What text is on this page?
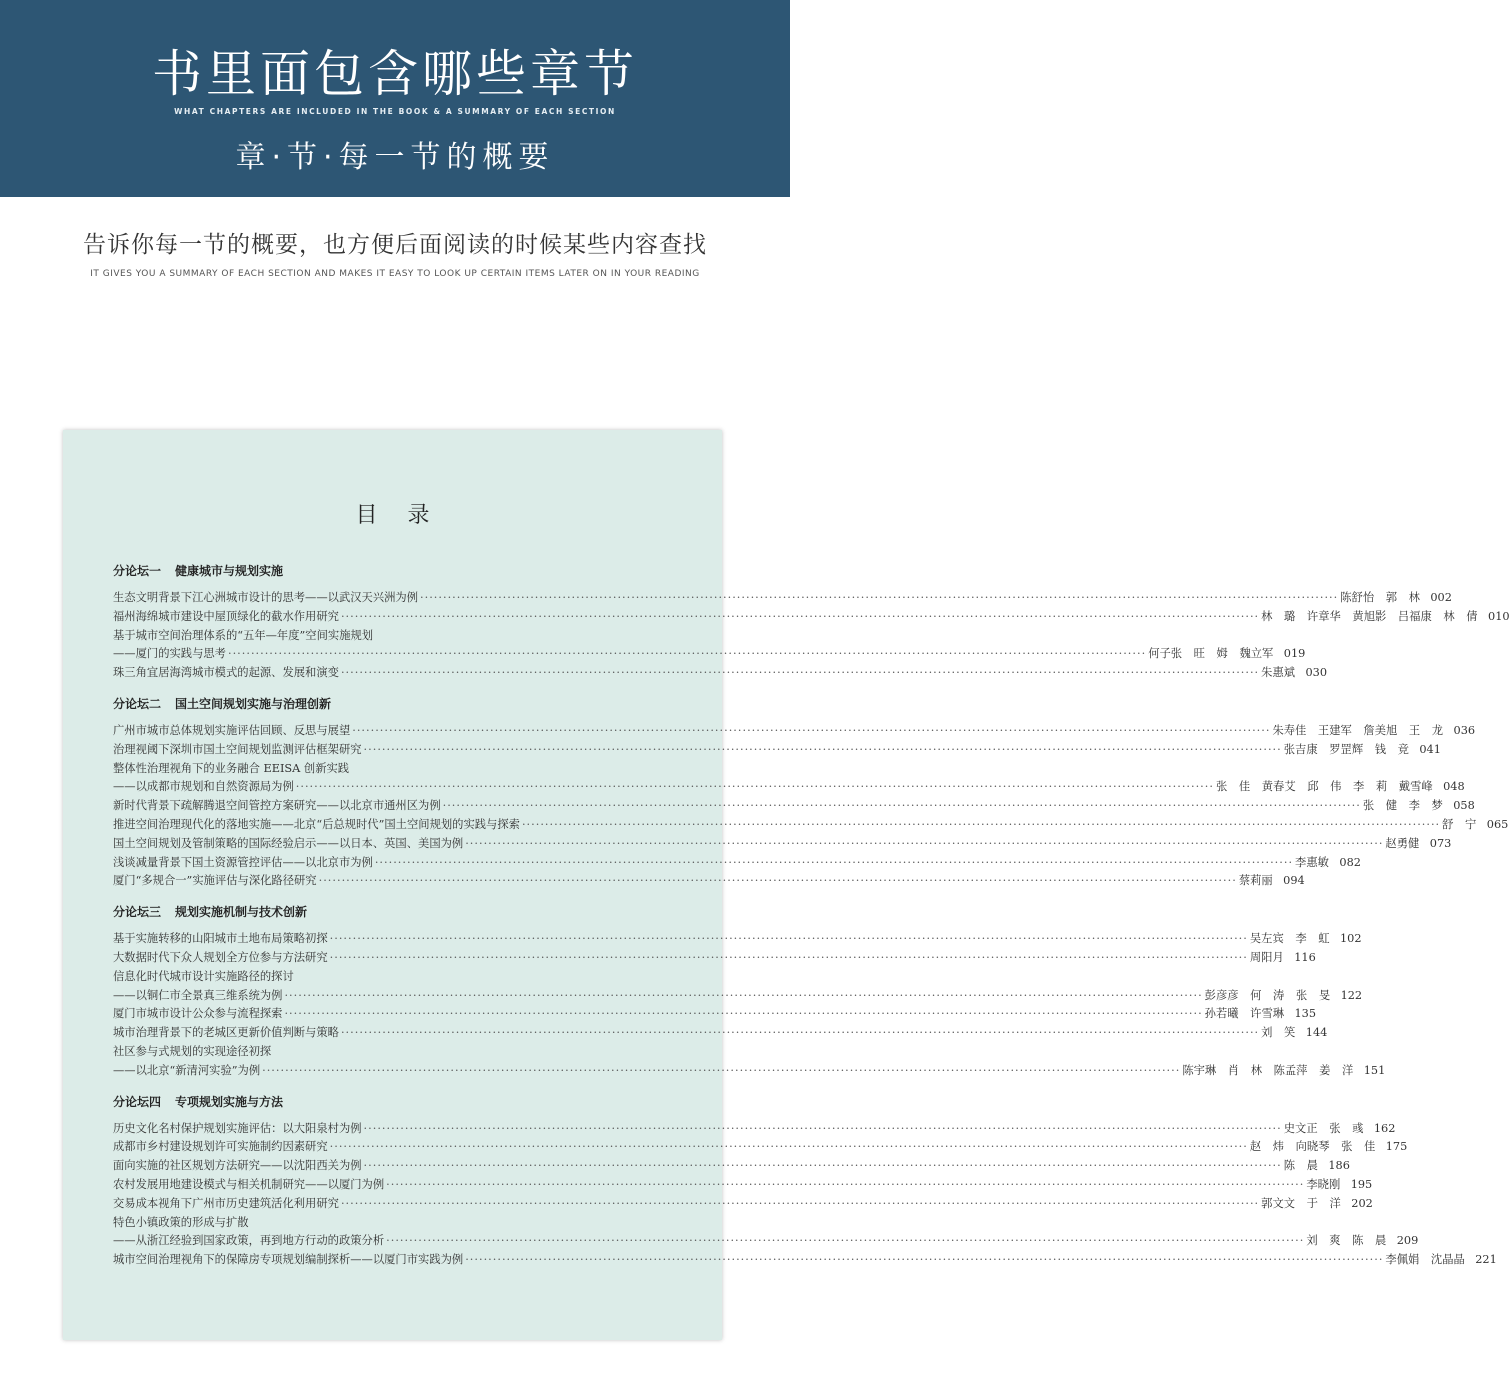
书里面包含哪些章节
WHAT CHAPTERS ARE INCLUDED IN THE BOOK & A SUMMARY OF EACH SECTION
章·节·每一节的概要
告诉你每一节的概要，也方便后面阅读的时候某些内容查找
IT GIVES YOU A SUMMARY OF EACH SECTION AND MAKES IT EASY TO LOOK UP CERTAIN ITEMS LATER ON IN YOUR READING
目录
分论坛一 健康城市与规划实施
生态文明背景下江心洲城市设计的思考——以武汉天兴洲为例 ········································································································································································································ 陈舒怡 郭 林 002
福州海绵城市建设中屋顶绿化的截水作用研究 ········································································································································································································ 林 璐 许章华 黄旭影 吕福康 林 倩 010
基于城市空间治理体系的“五年—年度”空间实施规划
——厦门的实践与思考 ········································································································································································································ 何子张 旺 姆 魏立军 019
珠三角宜居海湾城市模式的起源、发展和演变 ········································································································································································································ 朱惠斌 030
分论坛二 国土空间规划实施与治理创新
广州市城市总体规划实施评估回顾、反思与展望 ········································································································································································································ 朱寿佳 王建军 詹美旭 王 龙 036
治理视阈下深圳市国土空间规划监测评估框架研究 ········································································································································································································ 张吉康 罗罡辉 钱 竞 041
整体性治理视角下的业务融合 EEISA 创新实践
——以成都市规划和自然资源局为例 ········································································································································································································ 张 佳 黄春艾 邱 伟 李 莉 戴雪峰 048
新时代背景下疏解腾退空间管控方案研究——以北京市通州区为例 ········································································································································································································ 张 健 李 梦 058
推进空间治理现代化的落地实施——北京“后总规时代”国土空间规划的实践与探索 ········································································································································································································ 舒 宁 065
国土空间规划及管制策略的国际经验启示——以日本、英国、美国为例 ········································································································································································································ 赵勇健 073
浅谈减量背景下国土资源管控评估——以北京市为例 ········································································································································································································ 李惠敏 082
厦门“多规合一”实施评估与深化路径研究 ········································································································································································································ 蔡莉丽 094
分论坛三 规划实施机制与技术创新
基于实施转移的山阳城市土地布局策略初探 ········································································································································································································ 吴左宾 李 虹 102
大数据时代下众人规划全方位参与方法研究 ········································································································································································································ 周阳月 116
信息化时代城市设计实施路径的探讨
——以铜仁市全景真三维系统为例 ········································································································································································································ 彭彦彦 何 涛 张 旻 122
厦门市城市设计公众参与流程探索 ········································································································································································································ 孙若曦 许雪琳 135
城市治理背景下的老城区更新价值判断与策略 ········································································································································································································ 刘 笑 144
社区参与式规划的实现途径初探
——以北京“新清河实验”为例 ········································································································································································································ 陈宇琳 肖 林 陈孟萍 姜 洋 151
分论坛四 专项规划实施与方法
历史文化名村保护规划实施评估：以大阳泉村为例 ········································································································································································································ 史文正 张 彧 162
成都市乡村建设规划许可实施制约因素研究 ········································································································································································································ 赵 炜 向晓琴 张 佳 175
面向实施的社区规划方法研究——以沈阳西关为例 ········································································································································································································ 陈 晨 186
农村发展用地建设模式与相关机制研究——以厦门为例 ········································································································································································································ 李晓刚 195
交易成本视角下广州市历史建筑活化利用研究 ········································································································································································································ 郭文文 于 洋 202
特色小镇政策的形成与扩散
——从浙江经验到国家政策，再到地方行动的政策分析 ········································································································································································································ 刘 爽 陈 晨 209
城市空间治理视角下的保障房专项规划编制探析——以厦门市实践为例 ········································································································································································································ 李佩娟 沈晶晶 221
